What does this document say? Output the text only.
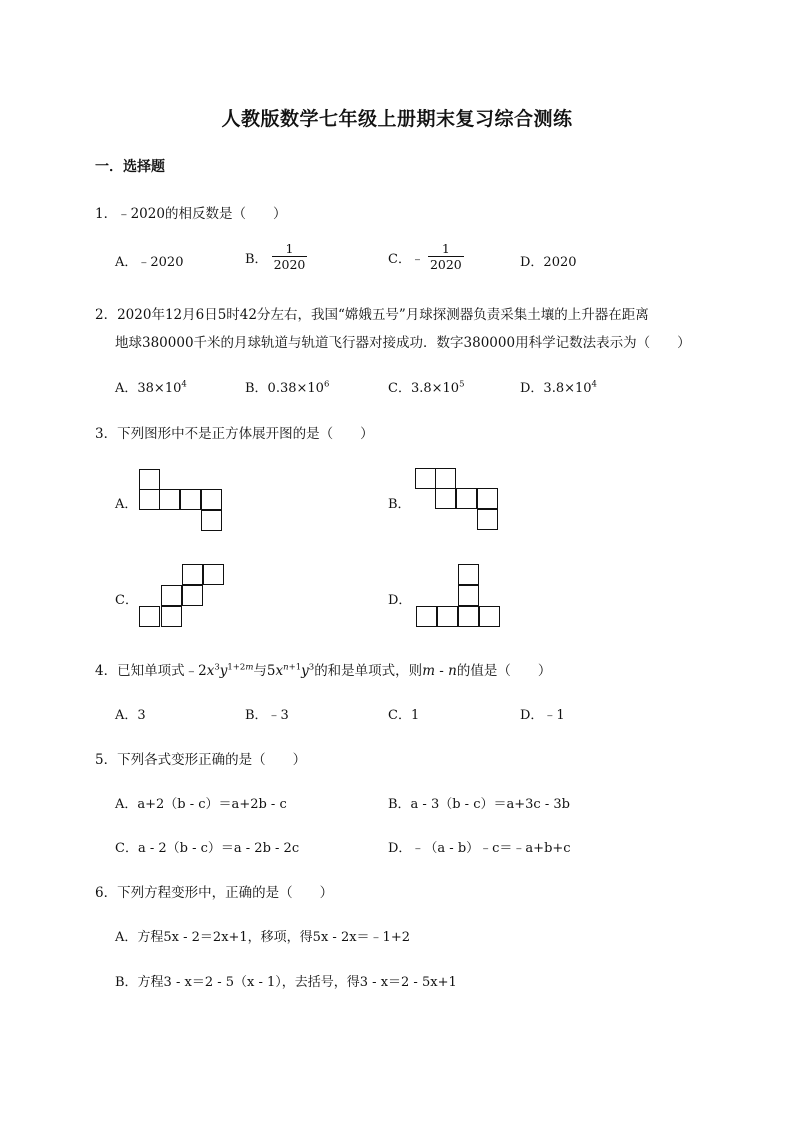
人教版数学七年级上册期末复习综合测练
一．选择题
1．﹣2020的相反数是（　　）
A．﹣2020	B． $\frac{1}{2020}$	C．﹣ $\frac{1}{2020}$	D．2020
2．2020年12月6日5时42分左右，我国“嫦娥五号”月球探测器负责采集土壤的上升器在距离
地球380000千米的月球轨道与轨道飞行器对接成功．数字380000用科学记数法表示为（　　）
A．$38\times 10^4$	B．$0.38\times 10^6$	C．$3.8\times 10^5$	D．$3.8\times 10^4$
3．下列图形中不是正方体展开图的是（　　）
A．	B．
C．	D．
4．已知单项式$﹣2x^3y^{1+2m}$与$5x^{n+1}y^3$的和是单项式，则m - n的值是（　　）
A．3	B．﹣3	C．1	D．﹣1
5．下列各式变形正确的是（　　）
A．a+2（b - c）＝a+2b - c	B．a - 3（b - c）＝a+3c - 3b
C．a - 2（b - c）＝a - 2b - 2c	D．﹣（a - b）﹣c＝﹣a+b+c
6．下列方程变形中，正确的是（　　）
A．方程5x - 2＝2x+1，移项，得5x - 2x＝﹣1+2
B．方程3 - x＝2 - 5（x - 1），去括号，得3 - x＝2 - 5x+1
